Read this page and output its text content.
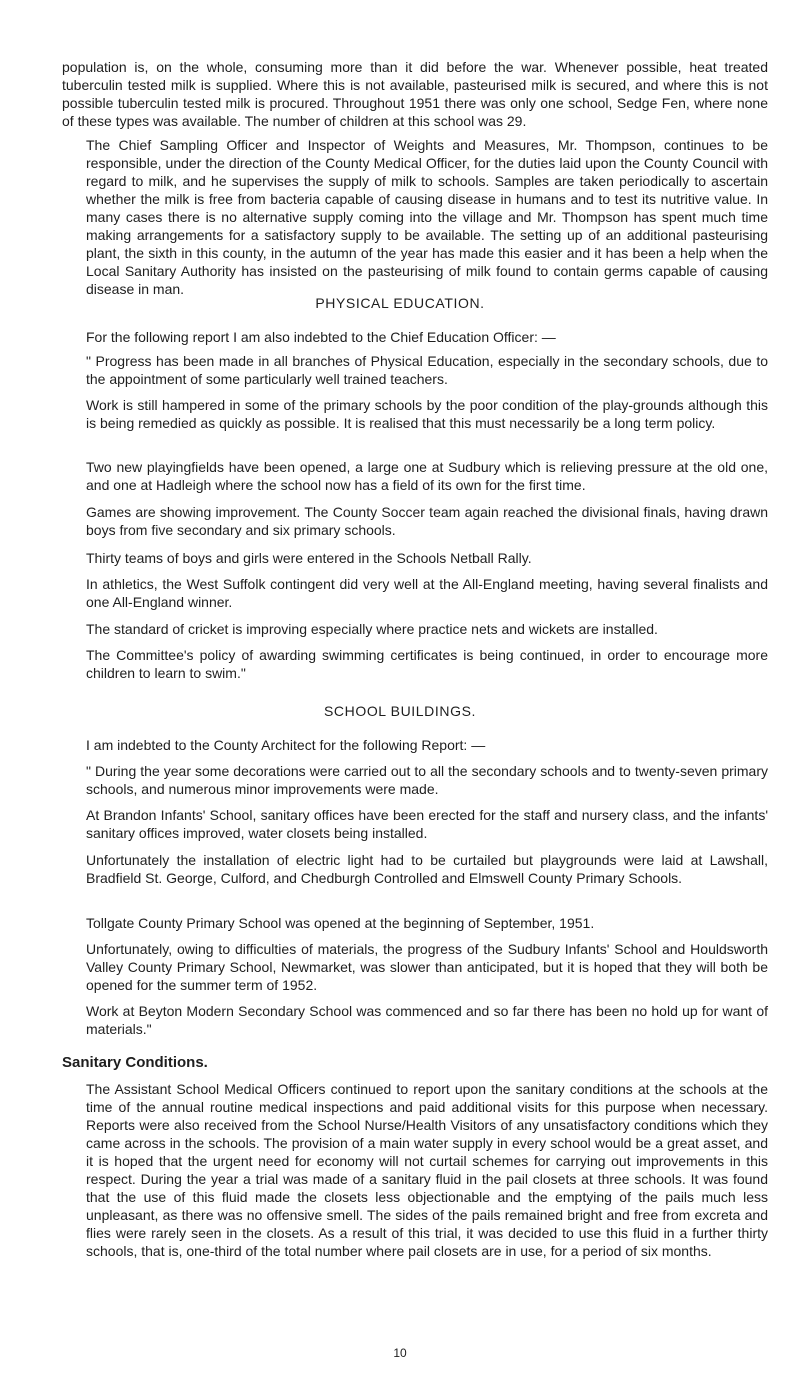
population is, on the whole, consuming more than it did before the war. Whenever possible, heat treated tuberculin tested milk is supplied. Where this is not available, pasteurised milk is secured, and where this is not possible tuberculin tested milk is procured. Throughout 1951 there was only one school, Sedge Fen, where none of these types was available. The number of children at this school was 29.

The Chief Sampling Officer and Inspector of Weights and Measures, Mr. Thompson, continues to be responsible, under the direction of the County Medical Officer, for the duties laid upon the County Council with regard to milk, and he supervises the supply of milk to schools. Samples are taken periodically to ascertain whether the milk is free from bacteria capable of causing disease in humans and to test its nutritive value. In many cases there is no alternative supply coming into the village and Mr. Thompson has spent much time making arrangements for a satisfactory supply to be available. The setting up of an additional pasteurising plant, the sixth in this county, in the autumn of the year has made this easier and it has been a help when the Local Sanitary Authority has insisted on the pasteurising of milk found to contain germs capable of causing disease in man.

PHYSICAL EDUCATION.

For the following report I am also indebted to the Chief Education Officer: —

" Progress has been made in all branches of Physical Education, especially in the secondary schools, due to the appointment of some particularly well trained teachers.

Work is still hampered in some of the primary schools by the poor condition of the play-grounds although this is being remedied as quickly as possible. It is realised that this must necessarily be a long term policy.

Two new playingfields have been opened, a large one at Sudbury which is relieving pressure at the old one, and one at Hadleigh where the school now has a field of its own for the first time.

Games are showing improvement. The County Soccer team again reached the divisional finals, having drawn boys from five secondary and six primary schools.

Thirty teams of boys and girls were entered in the Schools Netball Rally.

In athletics, the West Suffolk contingent did very well at the All-England meeting, having several finalists and one All-England winner.

The standard of cricket is improving especially where practice nets and wickets are installed.

The Committee's policy of awarding swimming certificates is being continued, in order to encourage more children to learn to swim."

SCHOOL BUILDINGS.

I am indebted to the County Architect for the following Report: —

" During the year some decorations were carried out to all the secondary schools and to twenty-seven primary schools, and numerous minor improvements were made.

At Brandon Infants' School, sanitary offices have been erected for the staff and nursery class, and the infants' sanitary offices improved, water closets being installed.

Unfortunately the installation of electric light had to be curtailed but playgrounds were laid at Lawshall, Bradfield St. George, Culford, and Chedburgh Controlled and Elmswell County Primary Schools.

Tollgate County Primary School was opened at the beginning of September, 1951.

Unfortunately, owing to difficulties of materials, the progress of the Sudbury Infants' School and Houldsworth Valley County Primary School, Newmarket, was slower than anticipated, but it is hoped that they will both be opened for the summer term of 1952.

Work at Beyton Modern Secondary School was commenced and so far there has been no hold up for want of materials."

Sanitary Conditions.

The Assistant School Medical Officers continued to report upon the sanitary conditions at the schools at the time of the annual routine medical inspections and paid additional visits for this purpose when necessary. Reports were also received from the School Nurse/Health Visitors of any unsatisfactory conditions which they came across in the schools. The provision of a main water supply in every school would be a great asset, and it is hoped that the urgent need for economy will not curtail schemes for carrying out improvements in this respect. During the year a trial was made of a sanitary fluid in the pail closets at three schools. It was found that the use of this fluid made the closets less objectionable and the emptying of the pails much less unpleasant, as there was no offensive smell. The sides of the pails remained bright and free from excreta and flies were rarely seen in the closets. As a result of this trial, it was decided to use this fluid in a further thirty schools, that is, one-third of the total number where pail closets are in use, for a period of six months.

10
